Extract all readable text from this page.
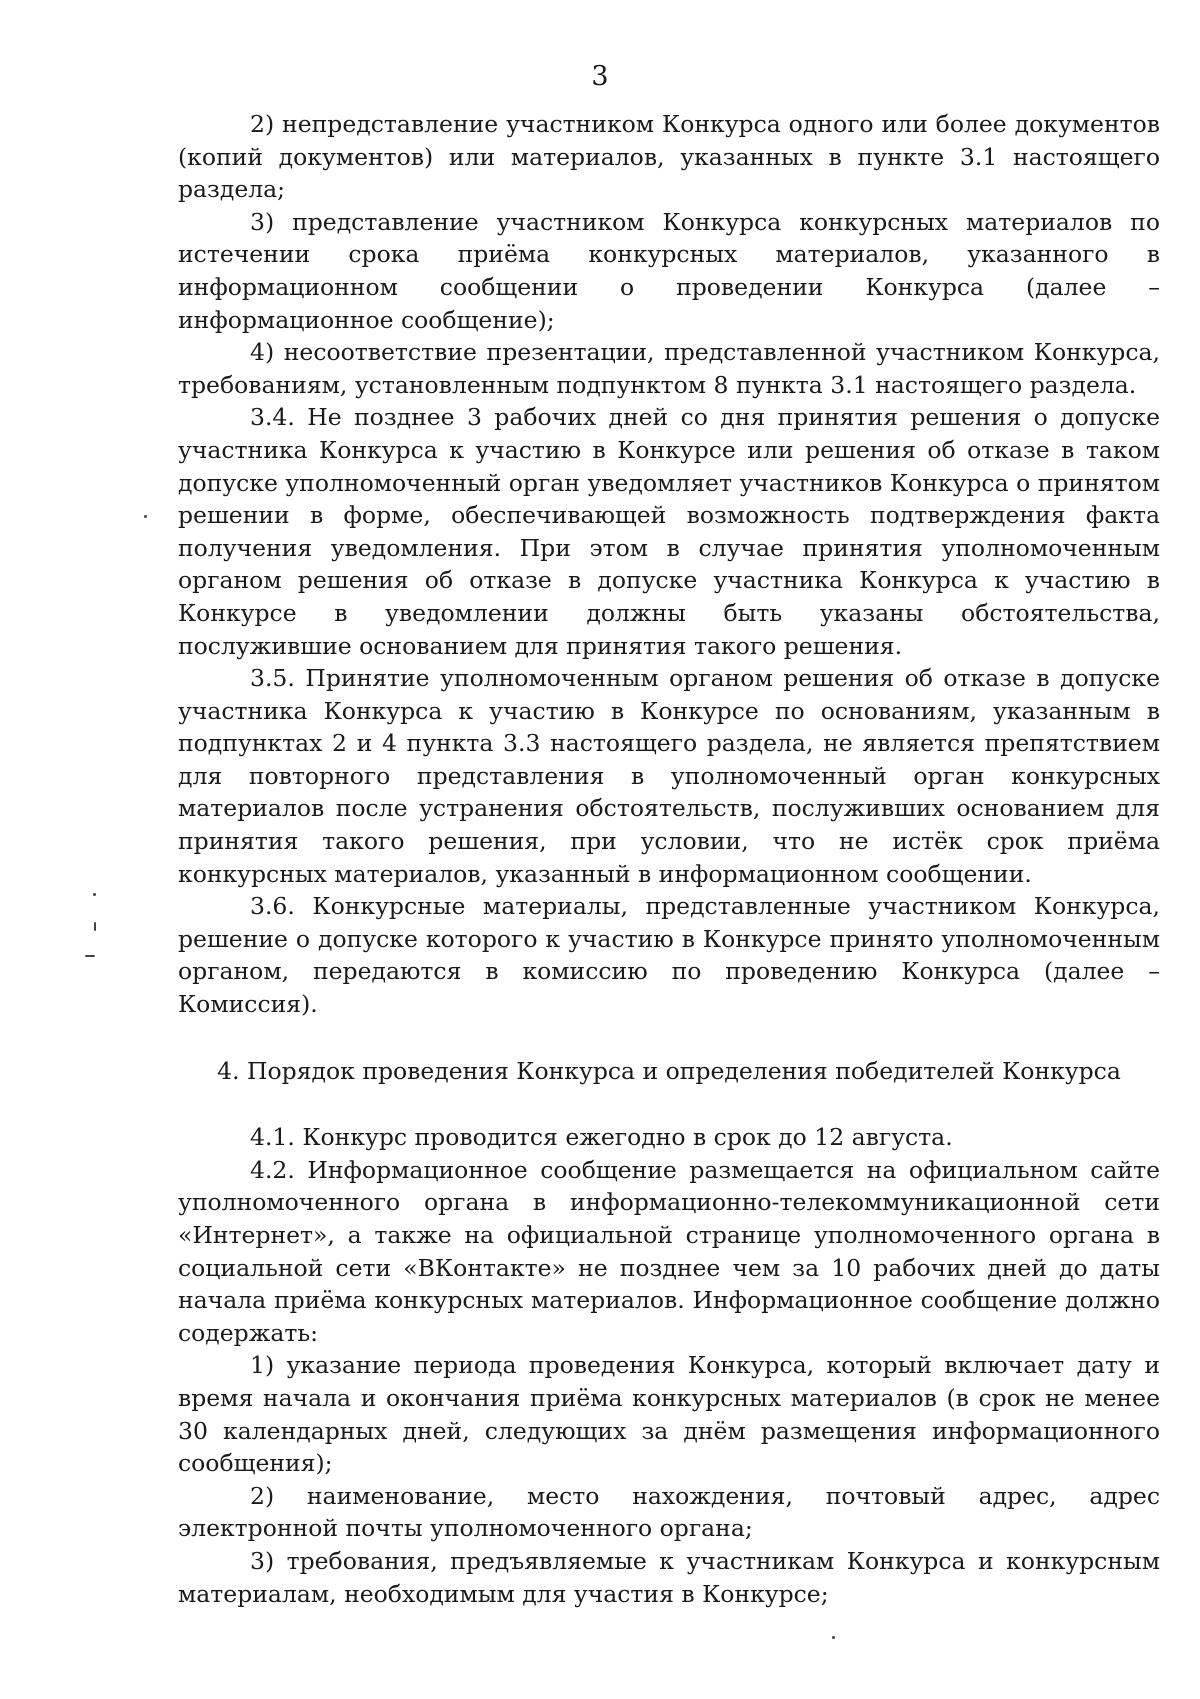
3

2) непредставление участником Конкурса одного или более документов (копий документов) или материалов, указанных в пункте 3.1 настоящего раздела;

3) представление участником Конкурса конкурсных материалов по истечении срока приёма конкурсных материалов, указанного в информационном сообщении о проведении Конкурса (далее – информационное сообщение);

4) несоответствие презентации, представленной участником Конкурса, требованиям, установленным подпунктом 8 пункта 3.1 настоящего раздела.

3.4. Не позднее 3 рабочих дней со дня принятия решения о допуске участника Конкурса к участию в Конкурсе или решения об отказе в таком допуске уполномоченный орган уведомляет участников Конкурса о принятом решении в форме, обеспечивающей возможность подтверждения факта получения уведомления. При этом в случае принятия уполномоченным органом решения об отказе в допуске участника Конкурса к участию в Конкурсе в уведомлении должны быть указаны обстоятельства, послужившие основанием для принятия такого решения.

3.5. Принятие уполномоченным органом решения об отказе в допуске участника Конкурса к участию в Конкурсе по основаниям, указанным в подпунктах 2 и 4 пункта 3.3 настоящего раздела, не является препятствием для повторного представления в уполномоченный орган конкурсных материалов после устранения обстоятельств, послуживших основанием для принятия такого решения, при условии, что не истёк срок приёма конкурсных материалов, указанный в информационном сообщении.

3.6. Конкурсные материалы, представленные участником Конкурса, решение о допуске которого к участию в Конкурсе принято уполномоченным органом, передаются в комиссию по проведению Конкурса (далее – Комиссия).

4. Порядок проведения Конкурса и определения победителей Конкурса

4.1. Конкурс проводится ежегодно в срок до 12 августа.

4.2. Информационное сообщение размещается на официальном сайте уполномоченного органа в информационно-телекоммуникационной сети «Интернет», а также на официальной странице уполномоченного органа в социальной сети «ВКонтакте» не позднее чем за 10 рабочих дней до даты начала приёма конкурсных материалов. Информационное сообщение должно содержать:

1) указание периода проведения Конкурса, который включает дату и время начала и окончания приёма конкурсных материалов (в срок не менее 30 календарных дней, следующих за днём размещения информационного сообщения);

2) наименование, место нахождения, почтовый адрес, адрес электронной почты уполномоченного органа;

3) требования, предъявляемые к участникам Конкурса и конкурсным материалам, необходимым для участия в Конкурсе;
